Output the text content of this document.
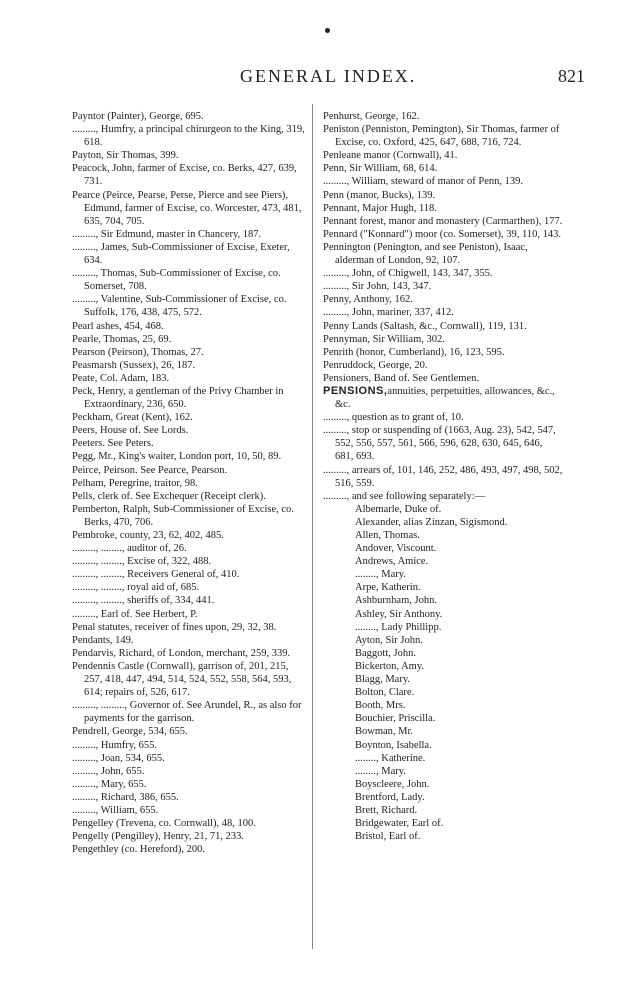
GENERAL INDEX.	821

Payntor (Painter), George, 695.

........., Humfry, a principal chirurgeon to the King, 319, 618.

Payton, Sir Thomas, 399.

Peacock, John, farmer of Excise, co. Berks, 427, 639, 731.

Pearce (Peirce, Pearse, Perse, Pierce and see Piers), Edmund, farmer of Excise, co. Worcester, 473, 481, 635, 704, 705.

........., Sir Edmund, master in Chancery, 187.

........., James, Sub-Commissioner of Excise, Exeter, 634.

........., Thomas, Sub-Commissioner of Excise, co. Somerset, 708.

........., Valentine, Sub-Commissioner of Excise, co. Suffolk, 176, 438, 475, 572.

Pearl ashes, 454, 468.

Pearle, Thomas, 25, 69.

Pearson (Peirson), Thomas, 27.

Peasmarsh (Sussex), 26, 187.

Peate, Col. Adam, 183.

Peck, Henry, a gentleman of the Privy Chamber in Extraordinary, 236, 650.

Peckham, Great (Kent), 162.

Peers, House of. See Lords.

Peeters. See Peters.

Pegg, Mr., King's waiter, London port, 10, 50, 89.

Peirce, Peirson. See Pearce, Pearson.

Pelham, Peregrine, traitor, 98.

Pells, clerk of. See Exchequer (Receipt clerk).

Pemberton, Ralph, Sub-Commissioner of Excise, co. Berks, 470, 706.

Pembroke, county, 23, 62, 402, 485.

........., ........, auditor of, 26.

........., ........, Excise of, 322, 488.

........., ........, Receivers General of, 410.

........., ........, royal aid of, 685.

........., ........, sheriffs of, 334, 441.

........., Earl of. See Herbert, P.

Penal statutes, receiver of fines upon, 29, 32, 38.

Pendants, 149.

Pendarvis, Richard, of London, merchant, 259, 339.

Pendennis Castle (Cornwall), garrison of, 201, 215, 257, 418, 447, 494, 514, 524, 552, 558, 564, 593, 614; repairs of, 526, 617.

........., ........., Governor of. See Arundel, R., as also for payments for the garrison.

Pendrell, George, 534, 655.

........., Humfry, 655.

........., Joan, 534, 655.

........., John, 655.

........., Mary, 655.

........., Richard, 386, 655.

........., William, 655.

Pengelley (Trevena, co. Cornwall), 48, 100.

Pengelly (Pengilley), Henry, 21, 71, 233.

Pengethley (co. Hereford), 200.

Penhurst, George, 162.

Peniston (Penniston, Pemington), Sir Thomas, farmer of Excise, co. Oxford, 425, 647, 688, 716, 724.

Penleane manor (Cornwall), 41.

Penn, Sir William, 68, 614.

........., William, steward of manor of Penn, 139.

Penn (manor, Bucks), 139.

Pennant, Major Hugh, 118.

Pennant forest, manor and monastery (Carmarthen), 177.

Pennard ("Konnard") moor (co. Somerset), 39, 110, 143.

Pennington (Penington, and see Peniston), Isaac, alderman of London, 92, 107.

........., John, of Chigwell, 143, 347, 355.

........., Sir John, 143, 347.

Penny, Anthony, 162.

........., John, mariner, 337, 412.

Penny Lands (Saltash, &c., Cornwall), 119, 131.

Pennyman, Sir William, 302.

Penrith (honor, Cumberland), 16, 123, 595.

Penruddock, George, 20.

Pensioners, Band of. See Gentlemen.

PENSIONS,annuities, perpetuities, allowances, &c., &c.

........., question as to grant of, 10.

........., stop or suspending of (1663, Aug. 23), 542, 547, 552, 556, 557, 561, 566, 596, 628, 630, 645, 646, 681, 693.

........., arrears of, 101, 146, 252, 486, 493, 497, 498, 502, 516, 559.

........., and see following separately:—

Albemarle, Duke of.

Alexander, alias Zinzan, Sigismond.

Allen, Thomas.

Andover, Viscount.

Andrews, Amice.

........, Mary.

Arpe, Katherin.

Ashburnham, John.

Ashley, Sir Anthony.

........, Lady Phillipp.

Ayton, Sir John.

Baggott, John.

Bickerton, Amy.

Blagg, Mary.

Bolton, Clare.

Booth, Mrs.

Bouchier, Priscilla.

Bowman, Mr.

Boynton, Isabella.

........, Katherine.

........, Mary.

Boyscleere, John.

Brentford, Lady.

Brett, Richard.

Bridgewater, Earl of.

Bristol, Earl of.
